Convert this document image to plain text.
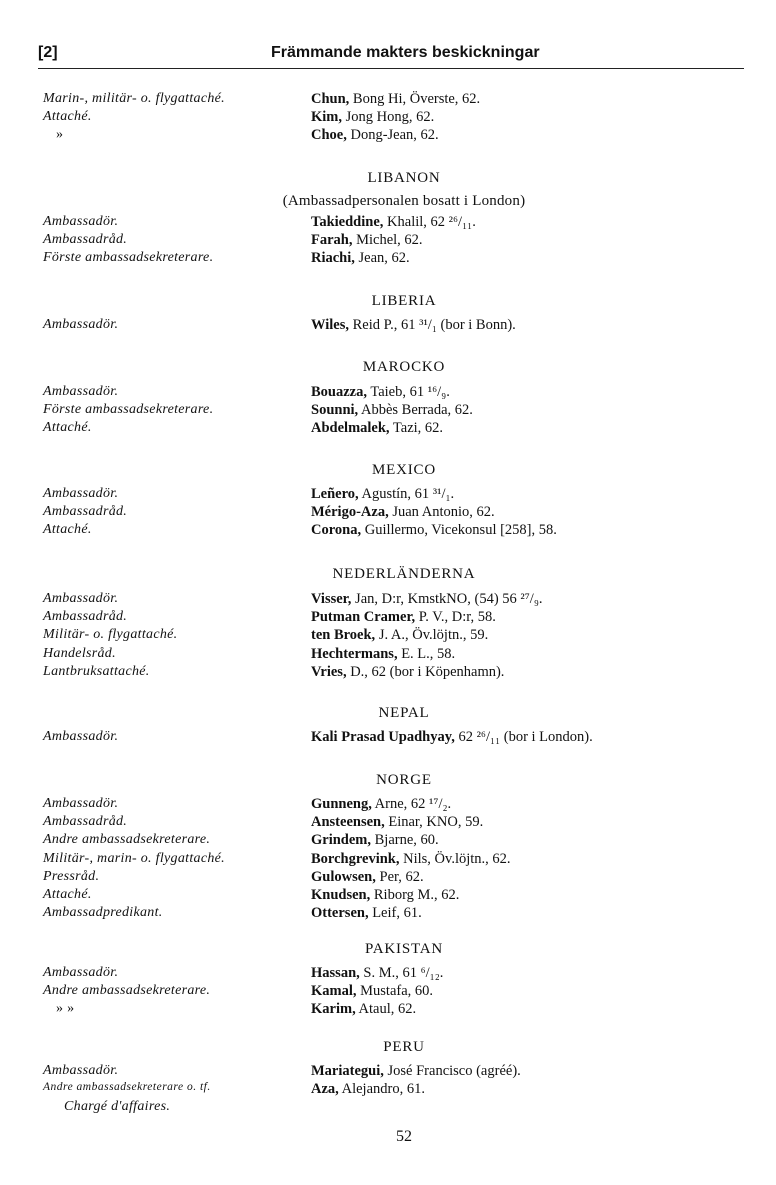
[2]	Främmande makters beskickningar
Marin-, militär- o. flygattaché.	Chun, Bong Hi, Överste, 62.
Attaché.	Kim, Jong Hong, 62.
»	Choe, Dong-Jean, 62.
LIBANON
(Ambassadpersonalen bosatt i London)
Ambassadör.	Takieddine, Khalil, 62 ²⁶/₁₁.
Ambassadråd.	Farah, Michel, 62.
Förste ambassadsekreterare.	Riachi, Jean, 62.
LIBERIA
Ambassadör.	Wiles, Reid P., 61 ³¹/₁ (bor i Bonn).
MAROCKO
Ambassadör.	Bouazza, Taieb, 61 ¹⁶/₉.
Förste ambassadsekreterare.	Sounni, Abbès Berrada, 62.
Attaché.	Abdelmalek, Tazi, 62.
MEXICO
Ambassadör.	Leñero, Agustín, 61 ³¹/₁.
Ambassadråd.	Mérigo-Aza, Juan Antonio, 62.
Attaché.	Corona, Guillermo, Vicekonsul [258], 58.
NEDERLÄNDERNA
Ambassadör.	Visser, Jan, D:r, KmstkNO, (54) 56 ²⁷/₉.
Ambassadråd.	Putman Cramer, P. V., D:r, 58.
Militär- o. flygattaché.	ten Broek, J. A., Öv.löjtn., 59.
Handelsråd.	Hechtermans, E. L., 58.
Lantbruksattaché.	Vries, D., 62 (bor i Köpenhamn).
NEPAL
Ambassadör.	Kali Prasad Upadhyay, 62 ²⁶/₁₁ (bor i London).
NORGE
Ambassadör.	Gunneng, Arne, 62 ¹⁷/₂.
Ambassadråd.	Ansteensen, Einar, KNO, 59.
Andre ambassadsekreterare.	Grindem, Bjarne, 60.
Militär-, marin- o. flygattaché.	Borchgrevink, Nils, Öv.löjtn., 62.
Pressråd.	Gulowsen, Per, 62.
Attaché.	Knudsen, Riborg M., 62.
Ambassadpredikant.	Ottersen, Leif, 61.
PAKISTAN
Ambassadör.	Hassan, S. M., 61 ⁶/₁₂.
Andre ambassadsekreterare.	Kamal, Mustafa, 60.
» »	Karim, Ataul, 62.
PERU
Ambassadör.	Mariategui, José Francisco (agréé).
Andre ambassadsekreterare o. tf.	Aza, Alejandro, 61.
Chargé d'affaires.
52
